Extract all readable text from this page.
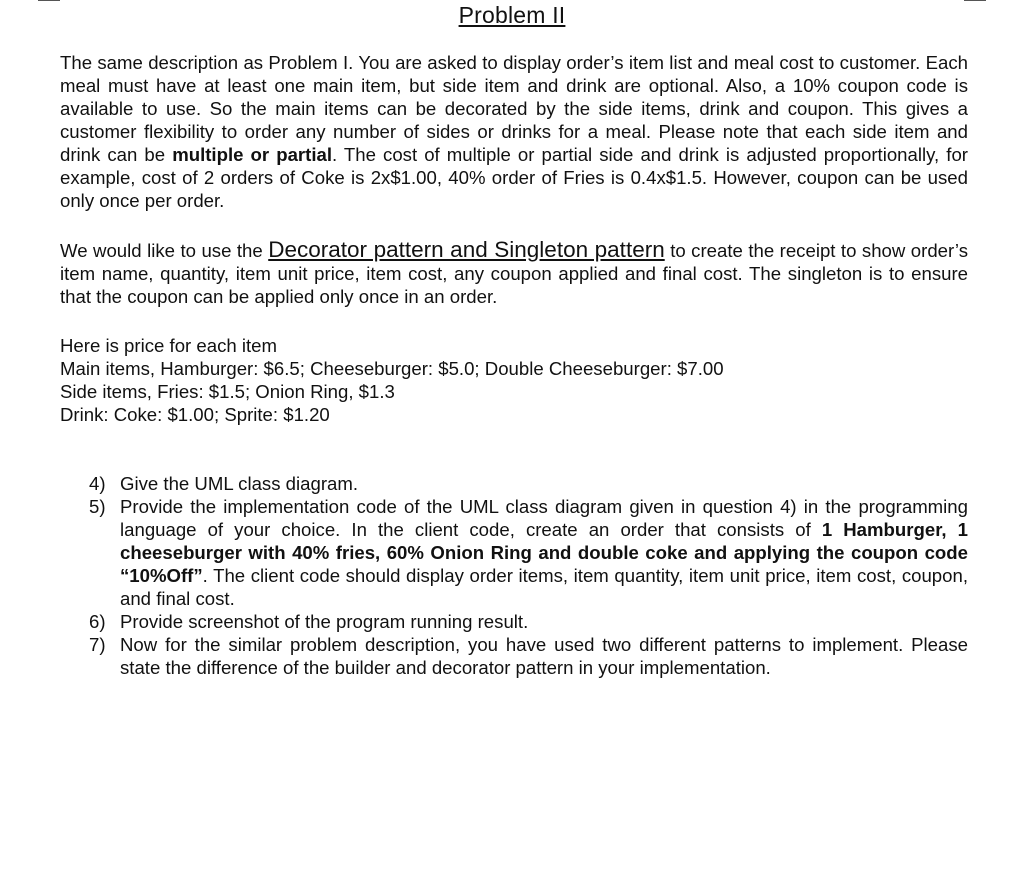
Problem II

The same description as Problem I. You are asked to display order’s item list and meal cost to customer. Each meal must have at least one main item, but side item and drink are optional. Also, a 10% coupon code is available to use. So the main items can be decorated by the side items, drink and coupon. This gives a customer flexibility to order any number of sides or drinks for a meal. Please note that each side item and drink can be multiple or partial. The cost of multiple or partial side and drink is adjusted proportionally, for example, cost of 2 orders of Coke is 2x$1.00, 40% order of Fries is 0.4x$1.5. However, coupon can be used only once per order.

We would like to use the Decorator pattern and Singleton pattern to create the receipt to show order’s item name, quantity, item unit price, item cost, any coupon applied and final cost. The singleton is to ensure that the coupon can be applied only once in an order.

Here is price for each item

Main items, Hamburger: $6.5; Cheeseburger: $5.0; Double Cheeseburger: $7.00

Side items, Fries: $1.5; Onion Ring, $1.3

Drink: Coke: $1.00; Sprite: $1.20

4) Give the UML class diagram.
5) Provide the implementation code of the UML class diagram given in question 4) in the programming language of your choice. In the client code, create an order that consists of 1 Hamburger, 1 cheeseburger with 40% fries, 60% Onion Ring and double coke and applying the coupon code “10%Off”. The client code should display order items, item quantity, item unit price, item cost, coupon, and final cost.
6) Provide screenshot of the program running result.
7) Now for the similar problem description, you have used two different patterns to implement. Please state the difference of the builder and decorator pattern in your implementation.
